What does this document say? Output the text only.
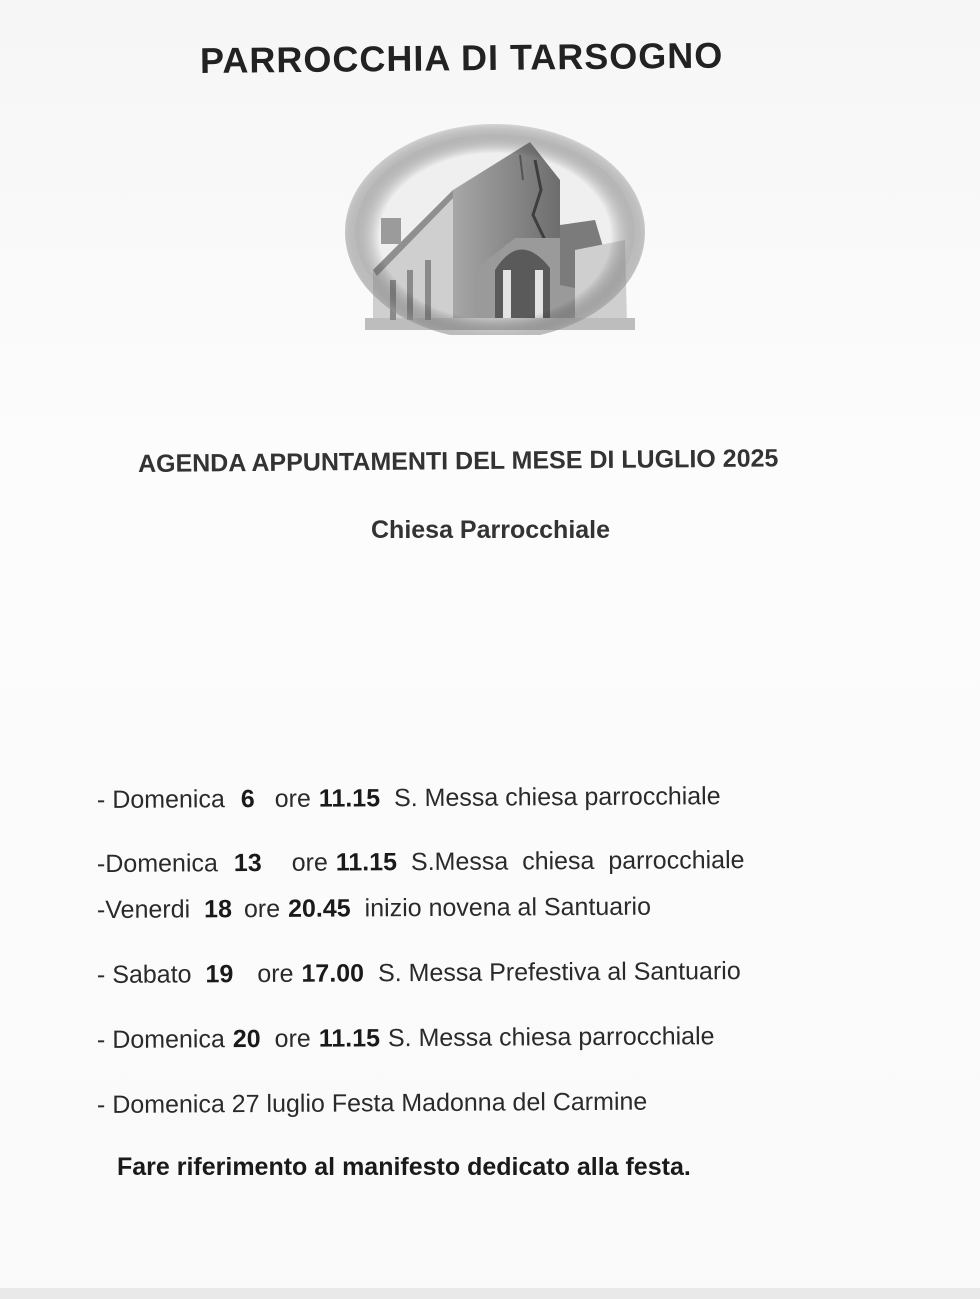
PARROCCHIA DI TARSOGNO
AGENDA APPUNTAMENTI DEL MESE DI LUGLIO 2025
Chiesa Parrocchiale
- Domenica 6 ore 11.15 S. Messa chiesa parrocchiale
-Domenica 13 ore 11.15 S.Messa  chiesa  parrocchiale
-Venerdi 18 ore 20.45 inizio novena al Santuario
- Sabato 19 ore 17.00 S. Messa Prefestiva al Santuario
- Domenica 20 ore 11.15 S. Messa chiesa parrocchiale
- Domenica 27 luglio Festa Madonna del Carmine
Fare riferimento al manifesto dedicato alla festa.
